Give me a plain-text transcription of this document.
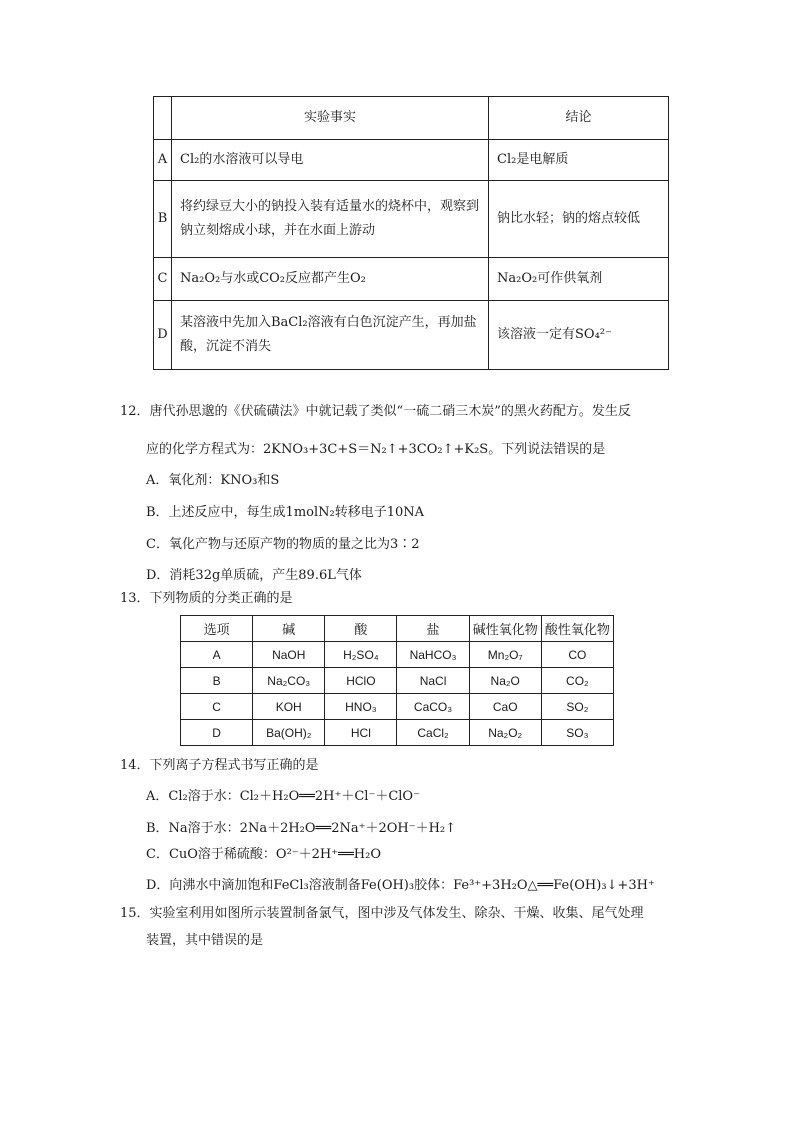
	实验事实	结论
A	Cl₂的水溶液可以导电	Cl₂是电解质
B	将约绿豆大小的钠投入装有适量水的烧杯中，观察到钠立刻熔成小球，并在水面上游动	钠比水轻；钠的熔点较低
C	Na₂O₂与水或CO₂反应都产生O₂	Na₂O₂可作供氧剂
D	某溶液中先加入BaCl₂溶液有白色沉淀产生，再加盐酸，沉淀不消失	该溶液一定有SO₄²⁻
12．唐代孙思邈的《伏硫磺法》中就记载了类似“一硫二硝三木炭”的黑火药配方。发生反
应的化学方程式为：2KNO₃+3C+S＝N₂↑+3CO₂↑+K₂S。下列说法错误的是
A．氧化剂：KNO₃和S
B．上述反应中，每生成1molN₂转移电子10NA
C．氧化产物与还原产物的物质的量之比为3∶2
D．消耗32g单质硫，产生89.6L气体
13．下列物质的分类正确的是
选项	碱	酸	盐	碱性氧化物	酸性氧化物
A	NaOH	H₂SO₄	NaHCO₃	Mn₂O₇	CO
B	Na₂CO₃	HClO	NaCl	Na₂O	CO₂
C	KOH	HNO₃	CaCO₃	CaO	SO₂
D	Ba(OH)₂	HCl	CaCl₂	Na₂O₂	SO₃
14．下列离子方程式书写正确的是
A．Cl₂溶于水：Cl₂＋H₂O══2H⁺＋Cl⁻＋ClO⁻
B．Na溶于水：2Na＋2H₂O══2Na⁺＋2OH⁻＋H₂↑
C．CuO溶于稀硫酸：O²⁻＋2H⁺══H₂O
D．向沸水中滴加饱和FeCl₃溶液制备Fe(OH)₃胶体：Fe³⁺+3H₂O△══Fe(OH)₃↓+3H⁺
15．实验室利用如图所示装置制备氯气，图中涉及气体发生、除杂、干燥、收集、尾气处理
装置，其中错误的是
